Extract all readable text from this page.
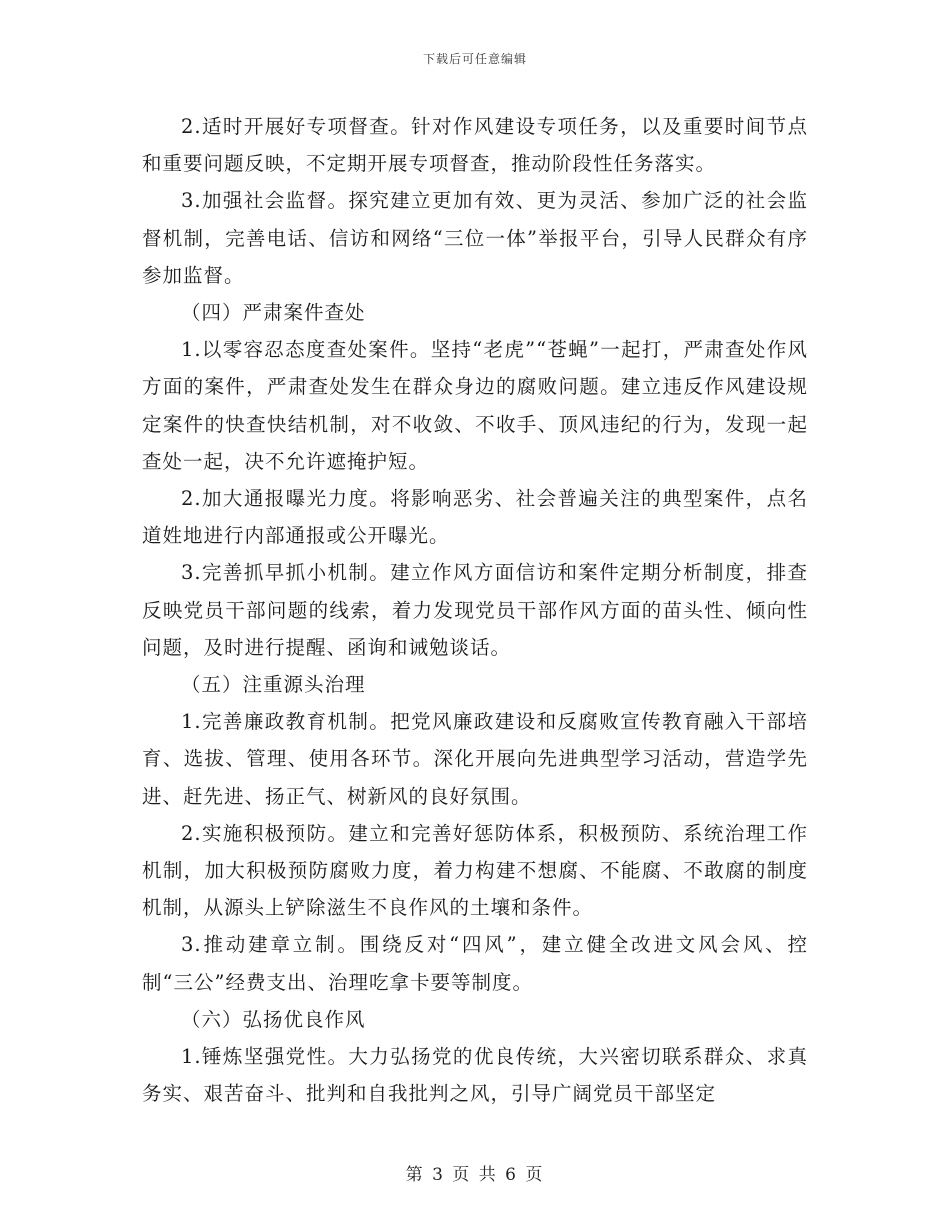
下载后可任意编辑

2.适时开展好专项督查。针对作风建设专项任务，以及重要时间节点和重要问题反映，不定期开展专项督查，推动阶段性任务落实。

3.加强社会监督。探究建立更加有效、更为灵活、参加广泛的社会监督机制，完善电话、信访和网络“三位一体”举报平台，引导人民群众有序参加监督。

（四）严肃案件查处

1.以零容忍态度查处案件。坚持“老虎”“苍蝇”一起打，严肃查处作风方面的案件，严肃查处发生在群众身边的腐败问题。建立违反作风建设规定案件的快查快结机制，对不收敛、不收手、顶风违纪的行为，发现一起查处一起，决不允许遮掩护短。

2.加大通报曝光力度。将影响恶劣、社会普遍关注的典型案件，点名道姓地进行内部通报或公开曝光。

3.完善抓早抓小机制。建立作风方面信访和案件定期分析制度，排查反映党员干部问题的线索，着力发现党员干部作风方面的苗头性、倾向性问题，及时进行提醒、函询和诫勉谈话。

（五）注重源头治理

1.完善廉政教育机制。把党风廉政建设和反腐败宣传教育融入干部培育、选拔、管理、使用各环节。深化开展向先进典型学习活动，营造学先进、赶先进、扬正气、树新风的良好氛围。

2.实施积极预防。建立和完善好惩防体系，积极预防、系统治理工作机制，加大积极预防腐败力度，着力构建不想腐、不能腐、不敢腐的制度机制，从源头上铲除滋生不良作风的土壤和条件。

3.推动建章立制。围绕反对“四风”，建立健全改进文风会风、控制“三公”经费支出、治理吃拿卡要等制度。

（六）弘扬优良作风

1.锤炼坚强党性。大力弘扬党的优良传统，大兴密切联系群众、求真务实、艰苦奋斗、批判和自我批判之风，引导广阔党员干部坚定

第 3 页 共 6 页
